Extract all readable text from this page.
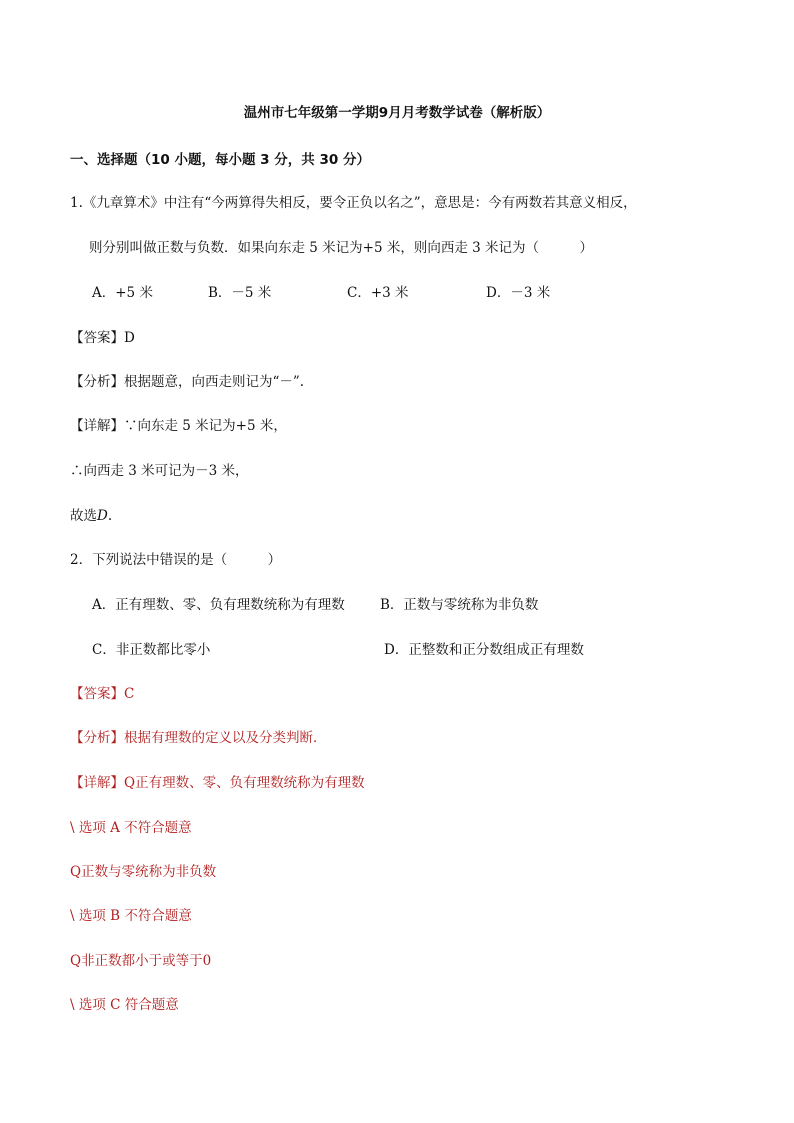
温州市七年级第一学期9月月考数学试卷（解析版）
一、选择题（10 小题，每小题 3 分，共 30 分）
1.《九章算术》中注有“今两算得失相反，要令正负以名之”，意思是：今有两数若其意义相反，
则分别叫做正数与负数．如果向东走 5 米记为+5 米，则向西走 3 米记为（　　　）
A．+5 米	B．－5 米	C．+3 米	D．－3 米
【答案】D
【分析】根据题意，向西走则记为“－”.
【详解】∵向东走 5 米记为+5 米，
∴向西走 3 米可记为－3 米，
故选D.
2．下列说法中错误的是（　　　）
A．正有理数、零、负有理数统称为有理数	B．正数与零统称为非负数
C．非正数都比零小	D．正整数和正分数组成正有理数
【答案】C
【分析】根据有理数的定义以及分类判断．
【详解】Q正有理数、零、负有理数统称为有理数
\ 选项 A 不符合题意
Q正数与零统称为非负数
\ 选项 B 不符合题意
Q非正数都小于或等于0
\ 选项 C 符合题意
